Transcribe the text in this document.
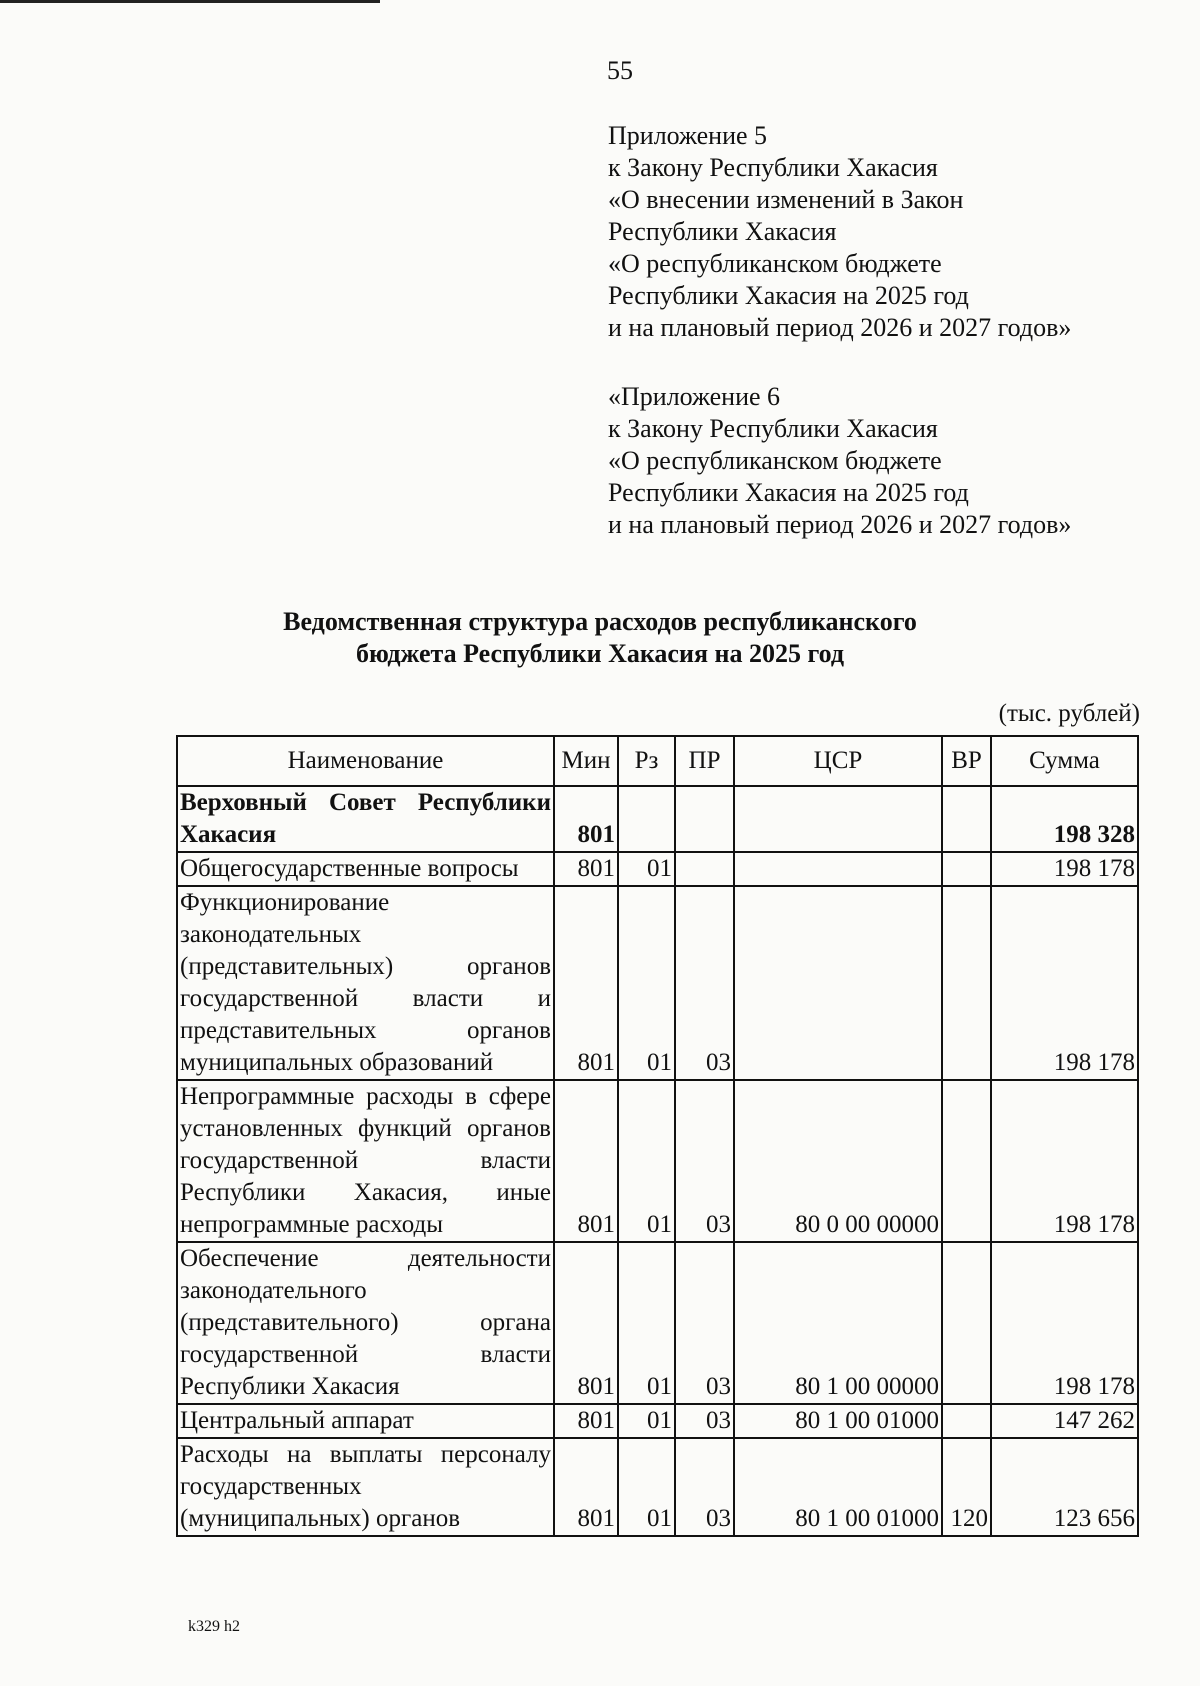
55
Приложение 5
к Закону Республики Хакасия
«О внесении изменений в Закон
Республики Хакасия
«О республиканском бюджете
Республики Хакасия на 2025 год
и на плановый период 2026 и 2027 годов»
«Приложение 6
к Закону Республики Хакасия
«О республиканском бюджете
Республики Хакасия на 2025 год
и на плановый период 2026 и 2027 годов»
Ведомственная структура расходов республиканского
бюджета Республики Хакасия на 2025 год
(тыс. рублей)
Наименование	Мин	Рз	ПР	ЦСР	ВР	Сумма
Верховный Совет Республики Хакасия	801					198 328
Общегосударственные вопросы	801	01				198 178
Функционирование законодательных (представительных) органов государственной власти и представительных органов муниципальных образований	801	01	03			198 178
Непрограммные расходы в сфере установленных функций органов государственной власти Республики Хакасия, иные непрограммные расходы	801	01	03	80 0 00 00000		198 178
Обеспечение деятельности законодательного (представительного) органа государственной власти Республики Хакасия	801	01	03	80 1 00 00000		198 178
Центральный аппарат	801	01	03	80 1 00 01000		147 262
Расходы на выплаты персоналу государственных (муниципальных) органов	801	01	03	80 1 00 01000	120	123 656
k329 h2
